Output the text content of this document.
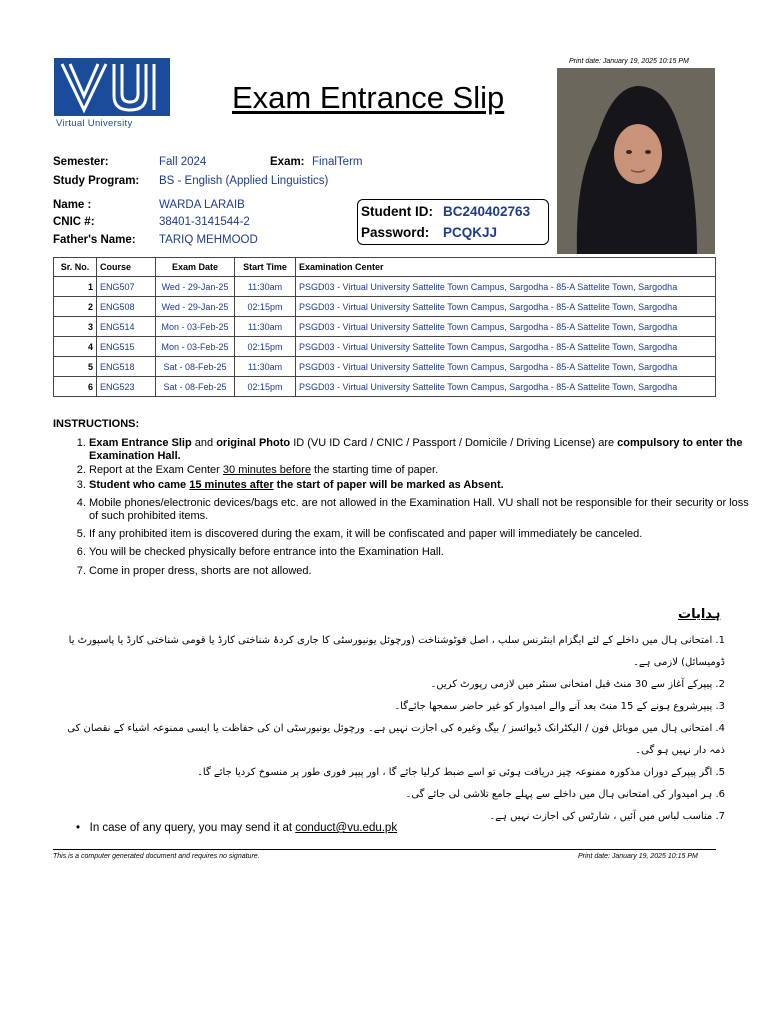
Virtual University
Exam Entrance Slip
Print date: January 19, 2025 10:15 PM
Semester:	Fall 2024	Exam: FinalTerm
Study Program: BS - English (Applied Linguistics)
Name :	WARDA LARAIB
CNIC #:	38401-3141544-2
Father's Name: TARIQ MEHMOOD
Student ID: BC240402763
Password: PCQKJJ
Sr. No.	Course	Exam Date	Start Time	Examination Center
1	ENG507	Wed - 29-Jan-25	11:30am	PSGD03 - Virtual University Sattelite Town Campus, Sargodha - 85-A Sattelite Town, Sargodha
2	ENG508	Wed - 29-Jan-25	02:15pm	PSGD03 - Virtual University Sattelite Town Campus, Sargodha - 85-A Sattelite Town, Sargodha
3	ENG514	Mon - 03-Feb-25	11:30am	PSGD03 - Virtual University Sattelite Town Campus, Sargodha - 85-A Sattelite Town, Sargodha
4	ENG515	Mon - 03-Feb-25	02:15pm	PSGD03 - Virtual University Sattelite Town Campus, Sargodha - 85-A Sattelite Town, Sargodha
5	ENG518	Sat - 08-Feb-25	11:30am	PSGD03 - Virtual University Sattelite Town Campus, Sargodha - 85-A Sattelite Town, Sargodha
6	ENG523	Sat - 08-Feb-25	02:15pm	PSGD03 - Virtual University Sattelite Town Campus, Sargodha - 85-A Sattelite Town, Sargodha
INSTRUCTIONS:
1. Exam Entrance Slip and original Photo ID (VU ID Card / CNIC / Passport / Domicile / Driving License) are compulsory to enter the Examination Hall.
2. Report at the Exam Center 30 minutes before the starting time of paper.
3. Student who came 15 minutes after the start of paper will be marked as Absent.
4. Mobile phones/electronic devices/bags etc. are not allowed in the Examination Hall. VU shall not be responsible for their security or loss of such prohibited items.
5. If any prohibited item is discovered during the exam, it will be confiscated and paper will immediately be canceled.
6. You will be checked physically before entrance into the Examination Hall.
7. Come in proper dress, shorts are not allowed.
ہدایات
1. امتحانی ہال میں داخلے کے لئے ایگزام اینٹرنس سلپ ، اصل فوٹوشناخت (ورچوئل یونیورسٹی کا جاری کردۂ شناختی کارڈ یا قومی شناختی کارڈ یا پاسپورٹ یا ڈومیسائل) لازمی ہے۔
2. پیپرکے آغاز سے 30 منٹ قبل امتحانی سنٹر میں لازمی رپورٹ کریں۔
3. پیپرشروع ہونے کے 15 منٹ بعد آنے والے امیدوار کو غیر حاضر سمجھا جائےگا۔
4. امتحانی ہال میں موبائل فون / الیکٹرانک ڈیوائسز / بیگ وغیرہ کی اجازت نہیں ہے۔ ورچوئل یونیورسٹی ان کی حفاظت یا ایسی ممنوعہ اشیاء کے نقصان کی ذمہ دار نہیں ہو گی۔
5. اگر پیپرکے دوران مذکورہ ممنوعہ چیز دریافت ہوئی تو اسے ضبط کرلیا جائے گا ، اور پیپر فوری طور پر منسوخ کردیا جائے گا۔
6. ہر امیدوار کی امتحانی ہال میں داخلے سے پہلے جامع تلاشی لی جائے گی۔
7. مناسب لباس میں آئیں ، شارٹس کی اجازت نہیں ہے۔
•   In case of any query, you may send it at conduct@vu.edu.pk
This is a computer generated document and requires no signature.	Print date: January 19, 2025 10:15 PM
